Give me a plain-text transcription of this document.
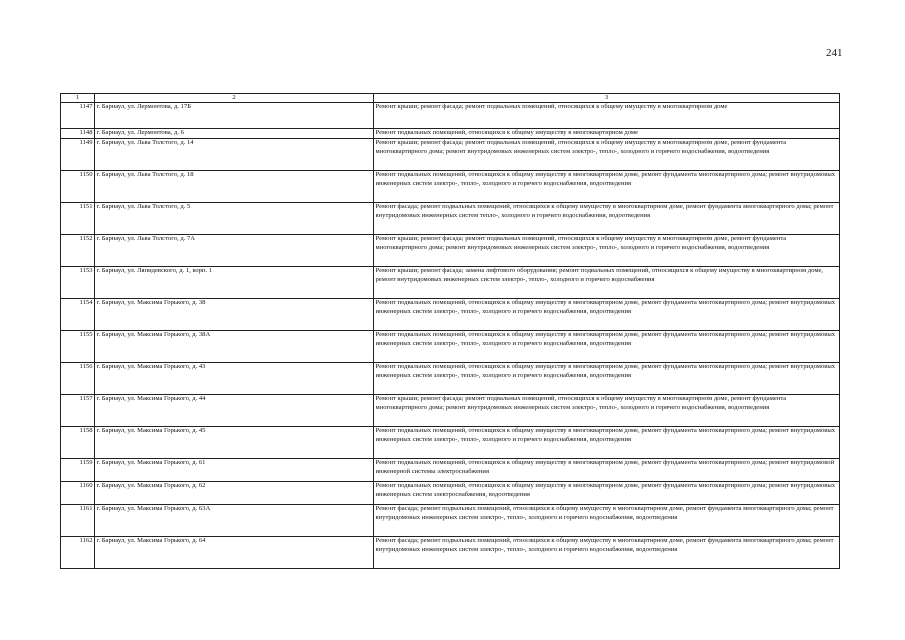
241
1	2	3
1147	г. Барнаул, ул. Лермонтова, д. 17Б	Ремонт крыши; ремонт фасада; ремонт подвальных помещений, относящихся к общему имуществу в многоквартирном доме
1148	г. Барнаул, ул. Лермонтова, д. 6	Ремонт подвальных помещений, относящихся к общему имуществу в многоквартирном доме
1149	г. Барнаул, ул. Льва Толстого, д. 14	Ремонт крыши; ремонт фасада; ремонт подвальных помещений, относящихся к общему имуществу в многоквартирном доме, ремонт фундамента многоквартирного дома; ремонт внутридомовых инженерных систем электро-, тепло-, холодного и горячего водоснабжения, водоотведения
1150	г. Барнаул, ул. Льва Толстого, д. 18	Ремонт подвальных помещений, относящихся к общему имуществу в многоквартирном доме, ремонт фундамента многоквартирного дома; ремонт внутридомовых инженерных систем электро-, тепло-, холодного и горячего водоснабжения, водоотведения
1151	г. Барнаул, ул. Льва Толстого, д. 5	Ремонт фасада; ремонт подвальных помещений, относящихся к общему имуществу в многоквартирном доме, ремонт фундамента многоквартирного дома; ремонт внутридомовых инженерных систем тепло-, холодного и горячего водоснабжения, водоотведения
1152	г. Барнаул, ул. Льва Толстого, д. 7А	Ремонт крыши; ремонт фасада; ремонт подвальных помещений, относящихся к общему имуществу в многоквартирном доме, ремонт фундамента многоквартирного дома; ремонт внутридомовых инженерных систем электро-, тепло-, холодного и горячего водоснабжения, водоотведения
1153	г. Барнаул, ул. Ляпидевского, д. 1, корп. 1	Ремонт крыши; ремонт фасада; замена лифтового оборудования; ремонт подвальных помещений, относящихся к общему имуществу в многоквартирном доме, ремонт внутридомовых инженерных систем электро-, тепло-, холодного и горячего водоснабжения
1154	г. Барнаул, ул. Максима Горького, д. 38	Ремонт подвальных помещений, относящихся к общему имуществу в многоквартирном доме, ремонт фундамента многоквартирного дома; ремонт внутридомовых инженерных систем электро-, тепло-, холодного и горячего водоснабжения, водоотведения
1155	г. Барнаул, ул. Максима Горького, д. 38А	Ремонт подвальных помещений, относящихся к общему имуществу в многоквартирном доме, ремонт фундамента многоквартирного дома; ремонт внутридомовых инженерных систем электро-, тепло-, холодного и горячего водоснабжения, водоотведения
1156	г. Барнаул, ул. Максима Горького, д. 43	Ремонт подвальных помещений, относящихся к общему имуществу в многоквартирном доме, ремонт фундамента многоквартирного дома; ремонт внутридомовых инженерных систем электро-, тепло-, холодного и горячего водоснабжения, водоотведения
1157	г. Барнаул, ул. Максима Горького, д. 44	Ремонт крыши; ремонт фасада; ремонт подвальных помещений, относящихся к общему имуществу в многоквартирном доме, ремонт фундамента многоквартирного дома; ремонт внутридомовых инженерных систем электро-, тепло-, холодного и горячего водоснабжения, водоотведения
1158	г. Барнаул, ул. Максима Горького, д. 45	Ремонт подвальных помещений, относящихся к общему имуществу в многоквартирном доме, ремонт фундамента многоквартирного дома; ремонт внутридомовых инженерных систем электро-, тепло-, холодного и горячего водоснабжения, водоотведения
1159	г. Барнаул, ул. Максима Горького, д. 61	Ремонт подвальных помещений, относящихся к общему имуществу в многоквартирном доме, ремонт фундамента многоквартирного дома; ремонт внутридомовой инженерной системы электроснабжения
1160	г. Барнаул, ул. Максима Горького, д. 62	Ремонт подвальных помещений, относящихся к общему имуществу в многоквартирном доме, ремонт фундамента многоквартирного дома; ремонт внутридомовых инженерных систем электроснабжения, водоотведения
1161	г. Барнаул, ул. Максима Горького, д. 63А	Ремонт фасада; ремонт подвальных помещений, относящихся к общему имуществу в многоквартирном доме, ремонт фундамента многоквартирного дома; ремонт внутридомовых инженерных систем электро-, тепло-, холодного и горячего водоснабжения, водоотведения
1162	г. Барнаул, ул. Максима Горького, д. 64	Ремонт фасада; ремонт подвальных помещений, относящихся к общему имуществу в многоквартирном доме, ремонт фундамента многоквартирного дома; ремонт внутридомовых инженерных систем электро-, тепло-, холодного и горячего водоснабжения, водоотведения
